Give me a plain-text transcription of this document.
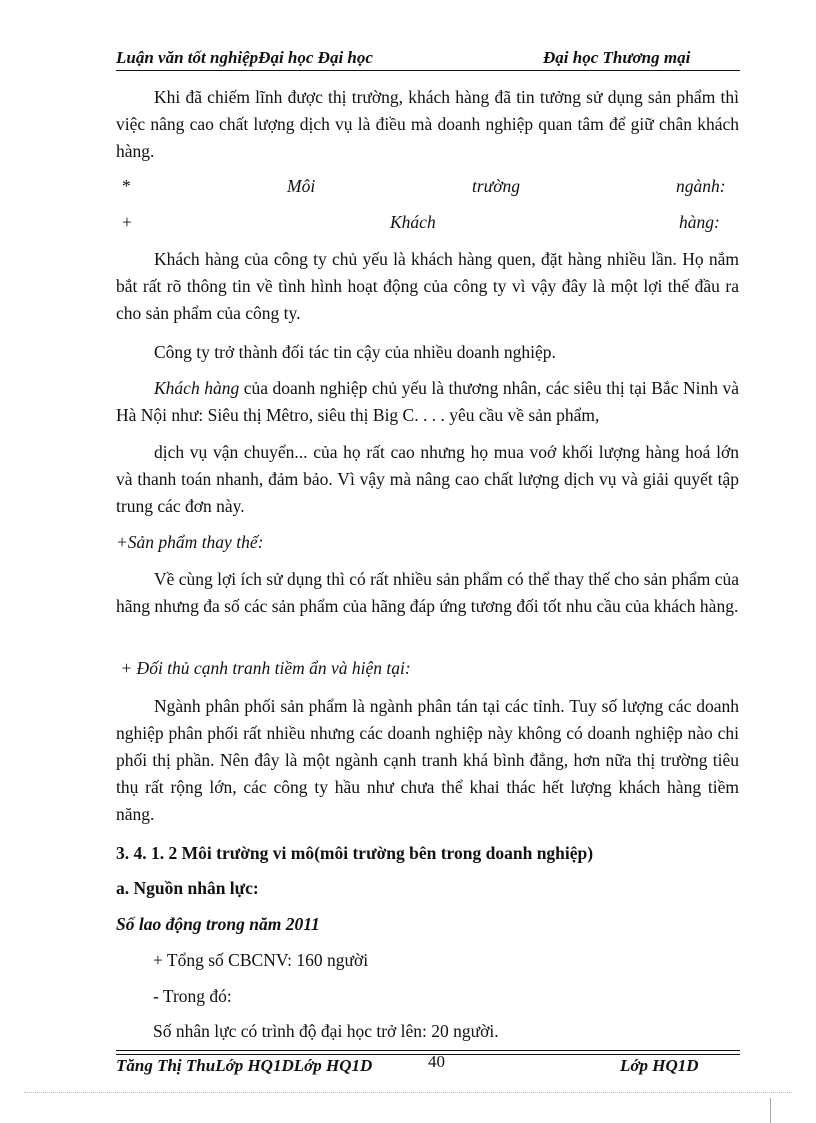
Luận văn tốt nghiệpĐại học Đại học	Đại học Thương mại

Khi đã chiếm lĩnh được thị trường, khách hàng đã tin tưởng sử dụng sản phẩm thì việc nâng cao chất lượng dịch vụ là điều mà doanh nghiệp quan tâm để giữ chân khách hàng.

*	Môi	trường	ngành:
+	Khách	hàng:

Khách hàng của công ty chủ yếu là khách hàng quen, đặt hàng nhiều lần. Họ nắm bắt rất rõ thông tin về tình hình hoạt động của công ty vì vậy đây là một lợi thế đầu ra cho sản phẩm của công ty.

Công ty trở thành đối tác tin cậy của nhiều doanh nghiệp.

Khách hàng của doanh nghiệp chủ yếu là thương nhân, các siêu thị tại Bắc Ninh và Hà Nội như: Siêu thị Mêtro, siêu thị Big C. . . . yêu cầu về sản phẩm,

dịch vụ vận chuyển... của họ rất cao nhưng họ mua voớ khối lượng hàng hoá lớn và thanh toán nhanh, đảm bảo. Vì vậy mà nâng cao chất lượng dịch vụ và giải quyết tập trung các đơn này.

+Sản phẩm thay thế:

Về cùng lợi ích sử dụng thì có rất nhiều sản phẩm có thể thay thế cho sản phẩm của hãng nhưng đa số các sản phẩm của hãng đáp ứng tương đối tốt nhu cầu của khách hàng.

+ Đối thủ cạnh tranh tiềm ẩn và hiện tại:

Ngành phân phối sản phẩm là ngành phân tán tại các tỉnh. Tuy số lượng các doanh nghiệp phân phối rất nhiều nhưng các doanh nghiệp này không có doanh nghiệp nào chi phối thị phần. Nên đây là một ngành cạnh tranh khá bình đẳng, hơn nữa thị trường tiêu thụ rất rộng lớn, các công ty hầu như chưa thể khai thác hết lượng khách hàng tiềm năng.

3. 4. 1. 2 Môi trường vi mô(môi trường bên trong doanh nghiệp)

a. Nguồn nhân lực:

Số lao động trong năm 2011

+ Tổng số CBCNV: 160 người

- Trong đó:

Số nhân lực có trình độ đại học trở lên: 20 người.

Tăng Thị ThuLớp HQ1DLớp HQ1D	40	Lớp HQ1D
